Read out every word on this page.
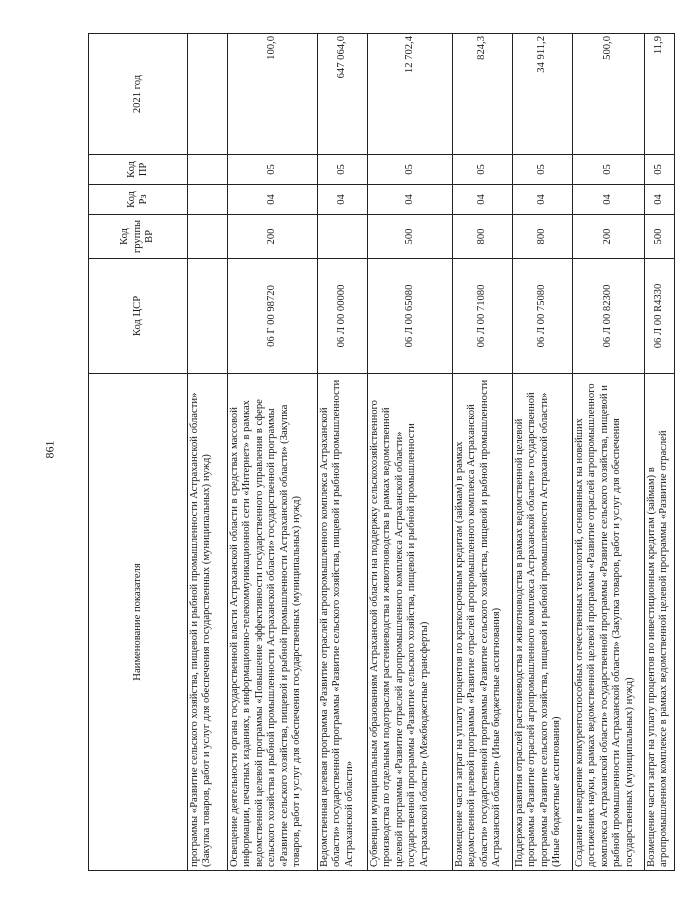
861
Наименование показателя	Код ЦСР	Код группы ВР	Код Рз	Код ПР	2021 год
программы «Развитие сельского хозяйства, пищевой и рыбной промышленности Астраханской области» (Закупка товаров, работ и услуг для обеспечения государственных (муниципальных) нужд)					
Освещение деятельности органа государственной власти Астраханской области в средствах массовой информации, печатных изданиях, в информационно-телекоммуникационной сети «Интернет» в рамках ведомственной целевой программы «Повышение эффективности государственного управления в сфере сельского хозяйства и рыбной промышленности Астраханской области» государственной программы «Развитие сельского хозяйства, пищевой и рыбной промышленности Астраханской области» (Закупка товаров, работ и услуг для обеспечения государственных (муниципальных) нужд)	06 Г 00 98720	200	04	05	100,0
Ведомственная целевая программа «Развитие отраслей агропромышленного комплекса Астраханской области» государственной программы «Развитие сельского хозяйства, пищевой и рыбной промышленности Астраханской области»	06 Л 00 00000		04	05	647 064,0
Субвенции муниципальным образованиям Астраханской области на поддержку сельскохозяйственного производства по отдельным подотраслям растениеводства и животноводства в рамках ведомственной целевой программы «Развитие отраслей агропромышленного комплекса Астраханской области» государственной программы «Развитие сельского хозяйства, пищевой и рыбной промышленности Астраханской области» (Межбюджетные трансферты)	06 Л 00 65080	500	04	05	12 702,4
Возмещение части затрат на уплату процентов по краткосрочным кредитам (займам) в рамках ведомственной целевой программы «Развитие отраслей агропромышленного комплекса Астраханской области» государственной программы «Развитие сельского хозяйства, пищевой и рыбной промышленности Астраханской области» (Иные бюджетные ассигнования)	06 Л 00 71080	800	04	05	824,3
Поддержка развития отраслей растениеводства и животноводства в рамках ведомственной целевой программы «Развитие отраслей агропромышленного комплекса Астраханской области» государственной программы «Развитие сельского хозяйства, пищевой и рыбной промышленности Астраханской области» (Иные бюджетные ассигнования)	06 Л 00 75080	800	04	05	34 911,2
Создание и внедрение конкурентоспособных отечественных технологий, основанных на новейших достижениях науки, в рамках ведомственной целевой программы «Развитие отраслей агропромышленного комплекса Астраханской области» государственной программы «Развитие сельского хозяйства, пищевой и рыбной промышленности Астраханской области» (Закупка товаров, работ и услуг для обеспечения государственных (муниципальных) нужд)	06 Л 00 82300	200	04	05	500,0
Возмещение части затрат на уплату процентов по инвестиционным кредитам (займам) в агропромышленном комплексе в рамках ведомственной целевой программы «Развитие отраслей	06 Л 00 R4330	500	04	05	11,9
